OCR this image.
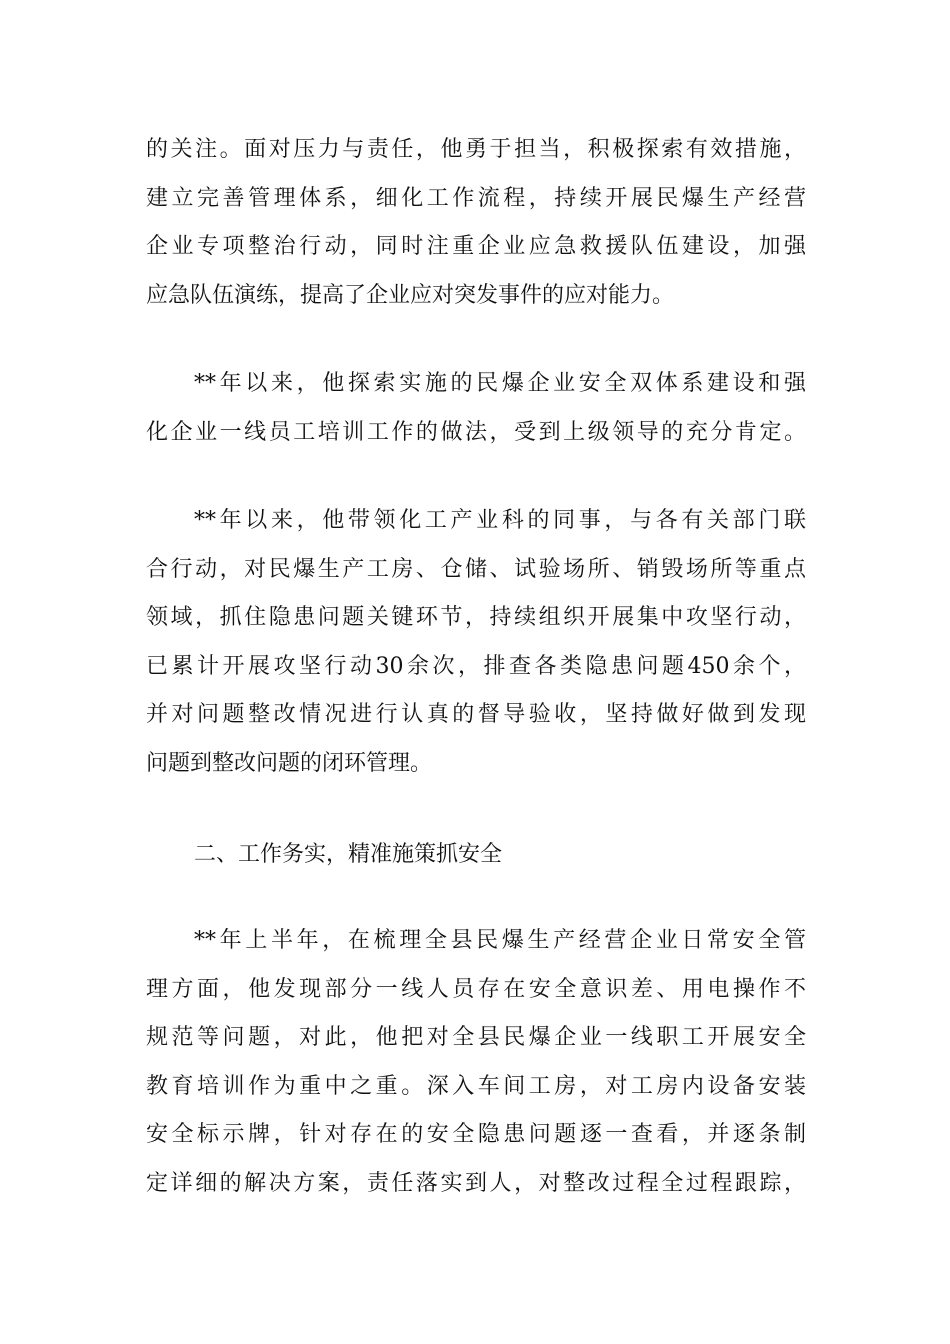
的关注。面对压力与责任，他勇于担当，积极探索有效措施，
建立完善管理体系，细化工作流程，持续开展民爆生产经营
企业专项整治行动，同时注重企业应急救援队伍建设，加强
应急队伍演练，提高了企业应对突发事件的应对能力。
**年以来，他探索实施的民爆企业安全双体系建设和强
化企业一线员工培训工作的做法，受到上级领导的充分肯定。
**年以来，他带领化工产业科的同事，与各有关部门联
合行动，对民爆生产工房、仓储、试验场所、销毁场所等重点
领域，抓住隐患问题关键环节，持续组织开展集中攻坚行动，
已累计开展攻坚行动30余次，排查各类隐患问题450余个，
并对问题整改情况进行认真的督导验收，坚持做好做到发现
问题到整改问题的闭环管理。
二、工作务实，精准施策抓安全
**年上半年，在梳理全县民爆生产经营企业日常安全管
理方面，他发现部分一线人员存在安全意识差、用电操作不
规范等问题，对此，他把对全县民爆企业一线职工开展安全
教育培训作为重中之重。深入车间工房，对工房内设备安装
安全标示牌，针对存在的安全隐患问题逐一查看，并逐条制
定详细的解决方案，责任落实到人，对整改过程全过程跟踪，
